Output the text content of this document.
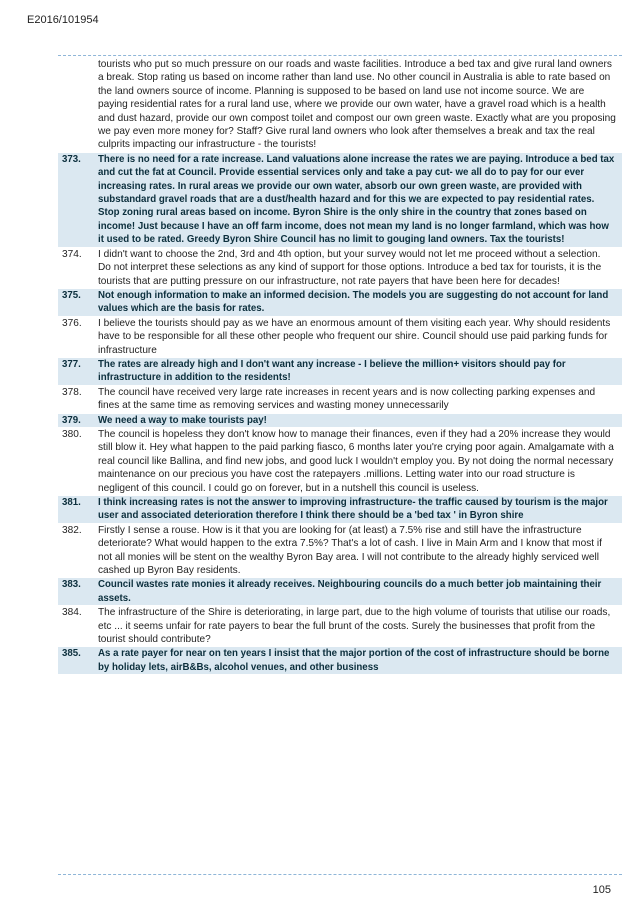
E2016/101954
tourists who put so much pressure on our roads and waste facilities. Introduce a bed tax and give rural land owners a break. Stop rating us based on income rather than land use. No other council in Australia is able to rate based on the land owners source of income. Planning is supposed to be based on land use not income source. We are paying residential rates for a rural land use, where we provide our own water, have a gravel road which is a health and dust hazard, provide our own compost toilet and compost our own green waste. Exactly what are you proposing we pay even more money for? Staff? Give rural land owners who look after themselves a break and tax the real culprits impacting our infrastructure - the tourists!
373.	There is no need for a rate increase. Land valuations alone increase the rates we are paying. Introduce a bed tax and cut the fat at Council. Provide essential services only and take a pay cut- we all do to pay for our ever increasing rates. In rural areas we provide our own water, absorb our own green waste, are provided with substandard gravel roads that are a dust/health hazard and for this we are expected to pay residential rates. Stop zoning rural areas based on income. Byron Shire is the only shire in the country that zones based on income! Just because I have an off farm income, does not mean my land is no longer farmland, which was how it used to be rated. Greedy Byron Shire Council has no limit to gouging land owners. Tax the tourists!
374.	I didn't want to choose the 2nd, 3rd and 4th option, but your survey would not let me proceed without a selection. Do not interpret these selections as any kind of support for those options. Introduce a bed tax for tourists, it is the tourists that are putting pressure on our infrastructure, not rate payers that have been here for decades!
375.	Not enough information to make an informed decision. The models you are suggesting do not account for land values which are the basis for rates.
376.	I believe the tourists should pay as we have an enormous amount of them visiting each year. Why should residents have to be responsible for all these other people who frequent our shire. Council should use paid parking funds for infrastructure
377.	The rates are already high and I don't want any increase - I believe the million+ visitors should pay for infrastructure in addition to the residents!
378.	The council have received very large rate increases in recent years and is now collecting parking expenses and fines at the same time as removing services and wasting money unnecessarily
379.	We need a way to make tourists pay!
380.	The council is hopeless they don't know how to manage their finances, even if they had a 20% increase they would still blow it. Hey what happen to the paid parking fiasco, 6 months later you're crying poor again. Amalgamate with a real council like Ballina, and find new jobs, and good luck I wouldn't employ you. By not doing the normal necessary maintenance on our precious you have cost the ratepayers .millions. Letting water into our road structure is negligent of this council. I could go on forever, but in a nutshell this council is useless.
381.	I think increasing rates is not the answer to improving infrastructure- the traffic caused by tourism is the major user and associated deterioration therefore I think there should be a 'bed tax ' in Byron shire
382.	Firstly I sense a rouse. How is it that you are looking for (at least) a 7.5% rise and still have the infrastructure deteriorate? What would happen to the extra 7.5%? That's a lot of cash. I live in Main Arm and I know that most if not all monies will be stent on the wealthy Byron Bay area. I will not contribute to the already highly serviced well cashed up Byron Bay residents.
383.	Council wastes rate monies it already receives. Neighbouring councils do a much better job maintaining their assets.
384.	The infrastructure of the Shire is deteriorating, in large part, due to the high volume of tourists that utilise our roads, etc ... it seems unfair for rate payers to bear the full brunt of the costs. Surely the businesses that profit from the tourist should contribute?
385.	As a rate payer for near on ten years I insist that the major portion of the cost of infrastructure should be borne by holiday lets, airB&Bs, alcohol venues, and other business
105
